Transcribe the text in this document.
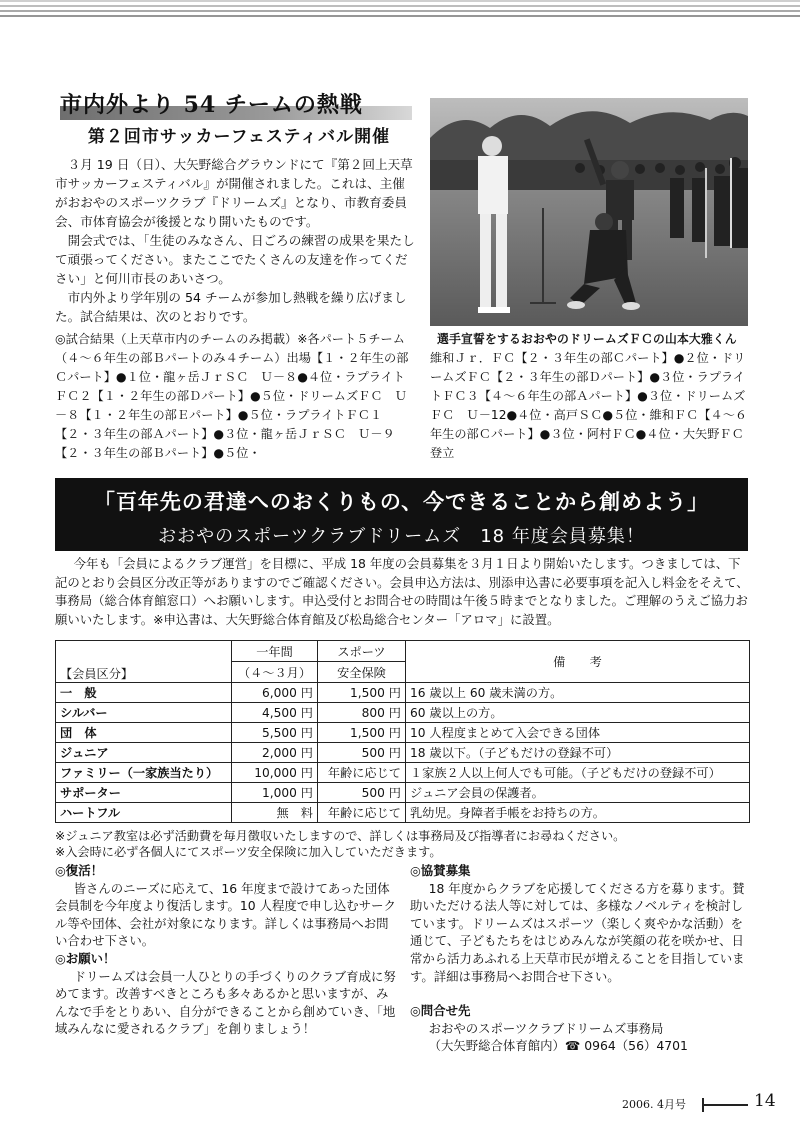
市内外より 54 チームの熱戦
第２回市サッカーフェスティバル開催

３月 19 日（日）、大矢野総合グラウンドにて『第２回上天草市サッカーフェスティバル』が開催されました。これは、主催がおおやのスポーツクラブ『ドリームズ』となり、市教育委員会、市体育協会が後援となり開いたものです。

開会式では、「生徒のみなさん、日ごろの練習の成果を果たして頑張ってください。またここでたくさんの友達を作ってください」と何川市長のあいさつ。

市内外より学年別の 54 チームが参加し熱戦を繰り広げました。試合結果は、次のとおりです。

選手宣誓をするおおやのドリームズＦＣの山本大雅くん
◎試合結果（上天草市内のチームのみ掲載）※各パート５チーム（４～６年生の部Ｂパートのみ４チーム）出場【１・２年生の部Ｃパート】●１位・龍ヶ岳ＪｒＳＣ　Ｕ－８●４位・ラプライトＦＣ２【１・２年生の部Ｄパート】●５位・ドリームズＦＣ　Ｕ－８【１・２年生の部Ｅパート】●５位・ラプライトＦＣ１【２・３年生の部Ａパート】●３位・龍ヶ岳ＪｒＳＣ　Ｕ－９【２・３年生の部Ｂパート】●５位・
維和Ｊｒ．ＦＣ【２・３年生の部Ｃパート】●２位・ドリームズＦＣ【２・３年生の部Ｄパート】●３位・ラプライトＦＣ３【４～６年生の部Ａパート】●３位・ドリームズＦＣ　Ｕ－12●４位・高戸ＳＣ●５位・維和ＦＣ【４～６年生の部Ｃパート】●３位・阿村ＦＣ●４位・大矢野ＦＣ登立
「百年先の君達へのおくりもの、今できることから創めよう」
おおやのスポーツクラブドリームズ　18 年度会員募集！

今年も「会員によるクラブ運営」を目標に、平成 18 年度の会員募集を３月１日より開始いたします。つきましては、下記のとおり会員区分改正等がありますのでご確認ください。会員申込方法は、別添申込書に必要事項を記入し料金をそえて、事務局（総合体育館窓口）へお願いします。申込受付とお問合せの時間は午後５時までとなりました。ご理解のうえご協力お願いいたします。※申込書は、大矢野総合体育館及び松島総合センター「アロマ」に設置。

【会員区分】	一年間	スポーツ	備　　考
	（４～３月）	安全保険	
一　般	6,000 円	1,500 円	16 歳以上 60 歳未満の方。
シルバー	4,500 円	800 円	60 歳以上の方。
団　体	5,500 円	1,500 円	10 人程度まとめて入会できる団体
ジュニア	2,000 円	500 円	18 歳以下。（子どもだけの登録不可）
ファミリー（一家族当たり）	10,000 円	年齢に応じて	１家族２人以上何人でも可能。（子どもだけの登録不可）
サポーター	1,000 円	500 円	ジュニア会員の保護者。
ハートフル	無　料	年齢に応じて	乳幼児。身障者手帳をお持ちの方。
※ジュニア教室は必ず活動費を毎月徴収いたしますので、詳しくは事務局及び指導者にお尋ねください。
※入会時に必ず各個人にてスポーツ安全保険に加入していただきます。

◎復活！

皆さんのニーズに応えて、16 年度まで設けてあった団体会員制を今年度より復活します。10 人程度で申し込むサークル等や団体、会社が対象になります。詳しくは事務局へお問い合わせ下さい。

◎お願い！

ドリームズは会員一人ひとりの手づくりのクラブ育成に努めてます。改善すべきところも多々あるかと思いますが、みんなで手をとりあい、自分ができることから創めていき、「地域みんなに愛されるクラブ」を創りましょう！

◎協賛募集

18 年度からクラブを応援してくださる方を募ります。賛助いただける法人等に対しては、多様なノベルティを検討しています。ドリームズはスポーツ（楽しく爽やかな活動）を通じて、子どもたちをはじめみんなが笑顔の花を咲かせ、日常から活力あふれる上天草市民が増えることを目指しています。詳細は事務局へお問合せ下さい。

◎問合せ先

おおやのスポーツクラブドリームズ事務局

（大矢野総合体育館内）☎ 0964（56）4701

2006. 4月号	14
